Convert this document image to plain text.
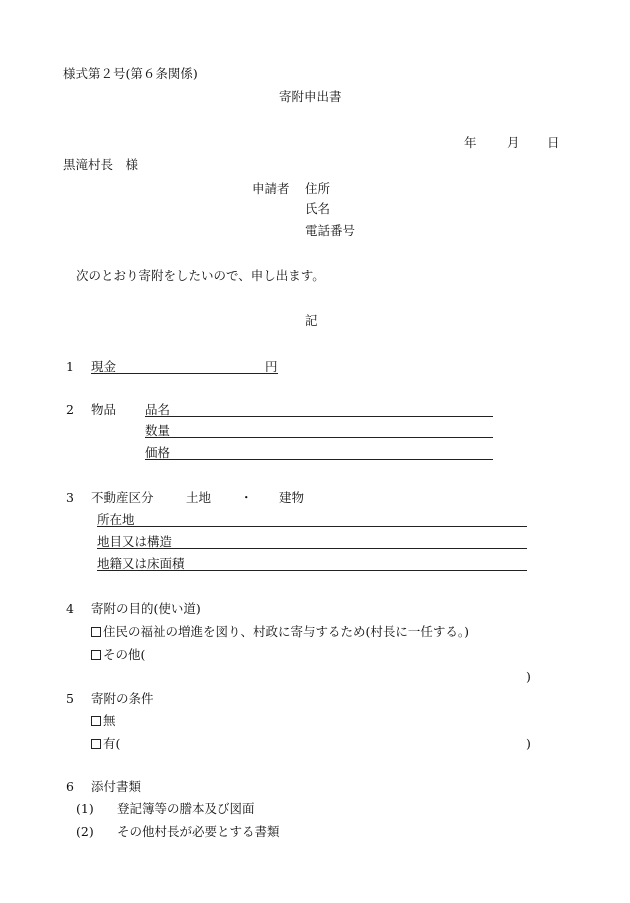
様式第２号(第６条関係)
寄附申出書
年 月 日
黒滝村長　様
申請者 住所
氏名
電話番号
次のとおり寄附をしたいので、申し出ます。
記
1 現金	円
2 物品 品名
数量
価格
3 不動産区分	土地 ・ 建物
所在地
地目又は構造
地籍又は床面積
4 寄附の目的(使い道)
住民の福祉の増進を図り、村政に寄与するため(村長に一任する。)
その他(
)
5 寄附の条件
無
有(	)
6 添付書類
(1) 登記簿等の謄本及び図面
(2) その他村長が必要とする書類
